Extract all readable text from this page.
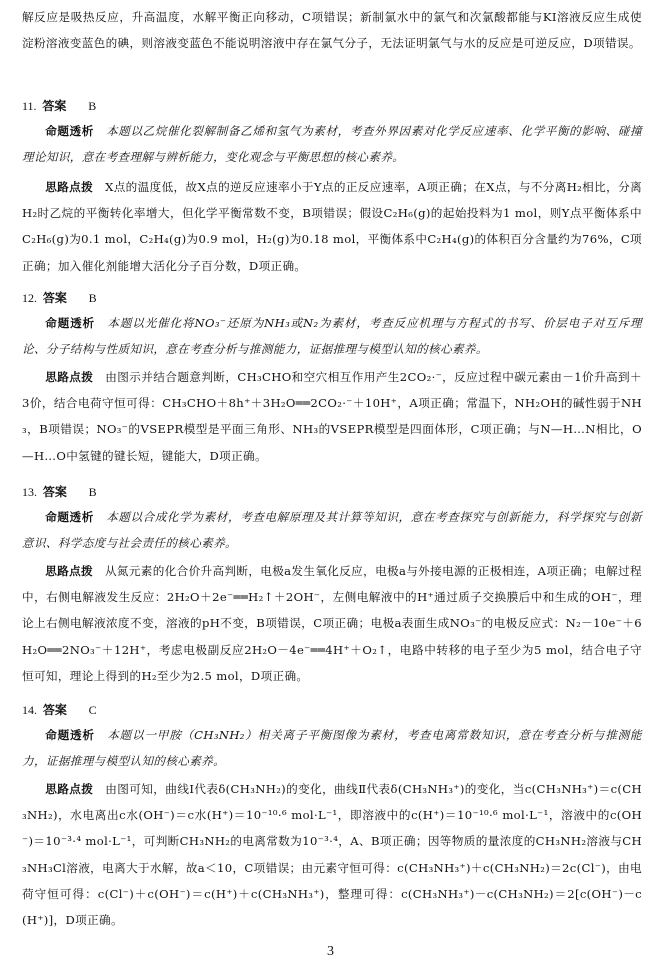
解反应是吸热反应，升高温度，水解平衡正向移动，C项错误；新制氯水中的氯气和次氯酸都能与KI溶液反应生成使淀粉溶液变蓝色的碘，则溶液变蓝色不能说明溶液中存在氯气分子，无法证明氯气与水的反应是可逆反应，D项错误。
11. 答案 B
命题透析　 本题以乙烷催化裂解制备乙烯和氢气为素材，考查外界因素对化学反应速率、化学平衡的影响、碰撞理论知识，意在考查理解与辨析能力，变化观念与平衡思想的核心素养。
思路点拨　 X点的温度低，故X点的逆反应速率小于Y点的正反应速率，A项正确；在X点，与不分离H₂相比，分离H₂时乙烷的平衡转化率增大，但化学平衡常数不变，B项错误；假设C₂H₆(g)的起始投料为1 mol，则Y点平衡体系中C₂H₆(g)为0.1 mol，C₂H₄(g)为0.9 mol，H₂(g)为0.18 mol，平衡体系中C₂H₄(g)的体积百分含量约为76%，C项正确；加入催化剂能增大活化分子百分数，D项正确。
12. 答案 B
命题透析　 本题以光催化将NO₃⁻还原为NH₃或N₂为素材，考查反应机理与方程式的书写、价层电子对互斥理论、分子结构与性质知识，意在考查分析与推测能力，证据推理与模型认知的核心素养。
思路点拨　 由图示并结合题意判断，CH₃CHO和空穴相互作用产生2CO₂·⁻，反应过程中碳元素由－1价升高到＋3价，结合电荷守恒可得：CH₃CHO＋8h⁺＋3H₂O══2CO₂·⁻＋10H⁺，A项正确；常温下，NH₂OH的碱性弱于NH₃，B项错误；NO₃⁻的VSEPR模型是平面三角形、NH₃的VSEPR模型是四面体形，C项正确；与N—H…N相比，O—H…O中氢键的键长短，键能大，D项正确。
13. 答案 B
命题透析　 本题以合成化学为素材，考查电解原理及其计算等知识，意在考查探究与创新能力，科学探究与创新意识、科学态度与社会责任的核心素养。
思路点拨　 从氮元素的化合价升高判断，电极a发生氧化反应，电极a与外接电源的正极相连，A项正确；电解过程中，右侧电解液发生反应：2H₂O＋2e⁻══H₂↑＋2OH⁻，左侧电解液中的H⁺通过质子交换膜后中和生成的OH⁻，理论上右侧电解液浓度不变，溶液的pH不变，B项错误，C项正确；电极a表面生成NO₃⁻的电极反应式：N₂－10e⁻＋6H₂O══2NO₃⁻＋12H⁺，考虑电极副反应2H₂O－4e⁻══4H⁺＋O₂↑，电路中转移的电子至少为5 mol，结合电子守恒可知，理论上得到的H₂至少为2.5 mol，D项正确。
14. 答案 C
命题透析　 本题以一甲胺（CH₃NH₂）相关离子平衡图像为素材，考查电离常数知识，意在考查分析与推测能力，证据推理与模型认知的核心素养。
思路点拨　 由图可知，曲线Ⅰ代表δ(CH₃NH₂)的变化，曲线Ⅱ代表δ(CH₃NH₃⁺)的变化，当c(CH₃NH₃⁺)＝c(CH₃NH₂)，水电离出c水(OH⁻)＝c水(H⁺)＝10⁻¹⁰·⁶ mol·L⁻¹，即溶液中的c(H⁺)＝10⁻¹⁰·⁶ mol·L⁻¹，溶液中的c(OH⁻)＝10⁻³·⁴ mol·L⁻¹，可判断CH₃NH₂的电离常数为10⁻³·⁴，A、B项正确；因等物质的量浓度的CH₃NH₂溶液与CH₃NH₃Cl溶液，电离大于水解，故a＜10，C项错误；由元素守恒可得：c(CH₃NH₃⁺)＋c(CH₃NH₂)＝2c(Cl⁻)，由电荷守恒可得：c(Cl⁻)＋c(OH⁻)＝c(H⁺)＋c(CH₃NH₃⁺)，整理可得：c(CH₃NH₃⁺)－c(CH₃NH₂)＝2[c(OH⁻)－c(H⁺)]，D项正确。
3
